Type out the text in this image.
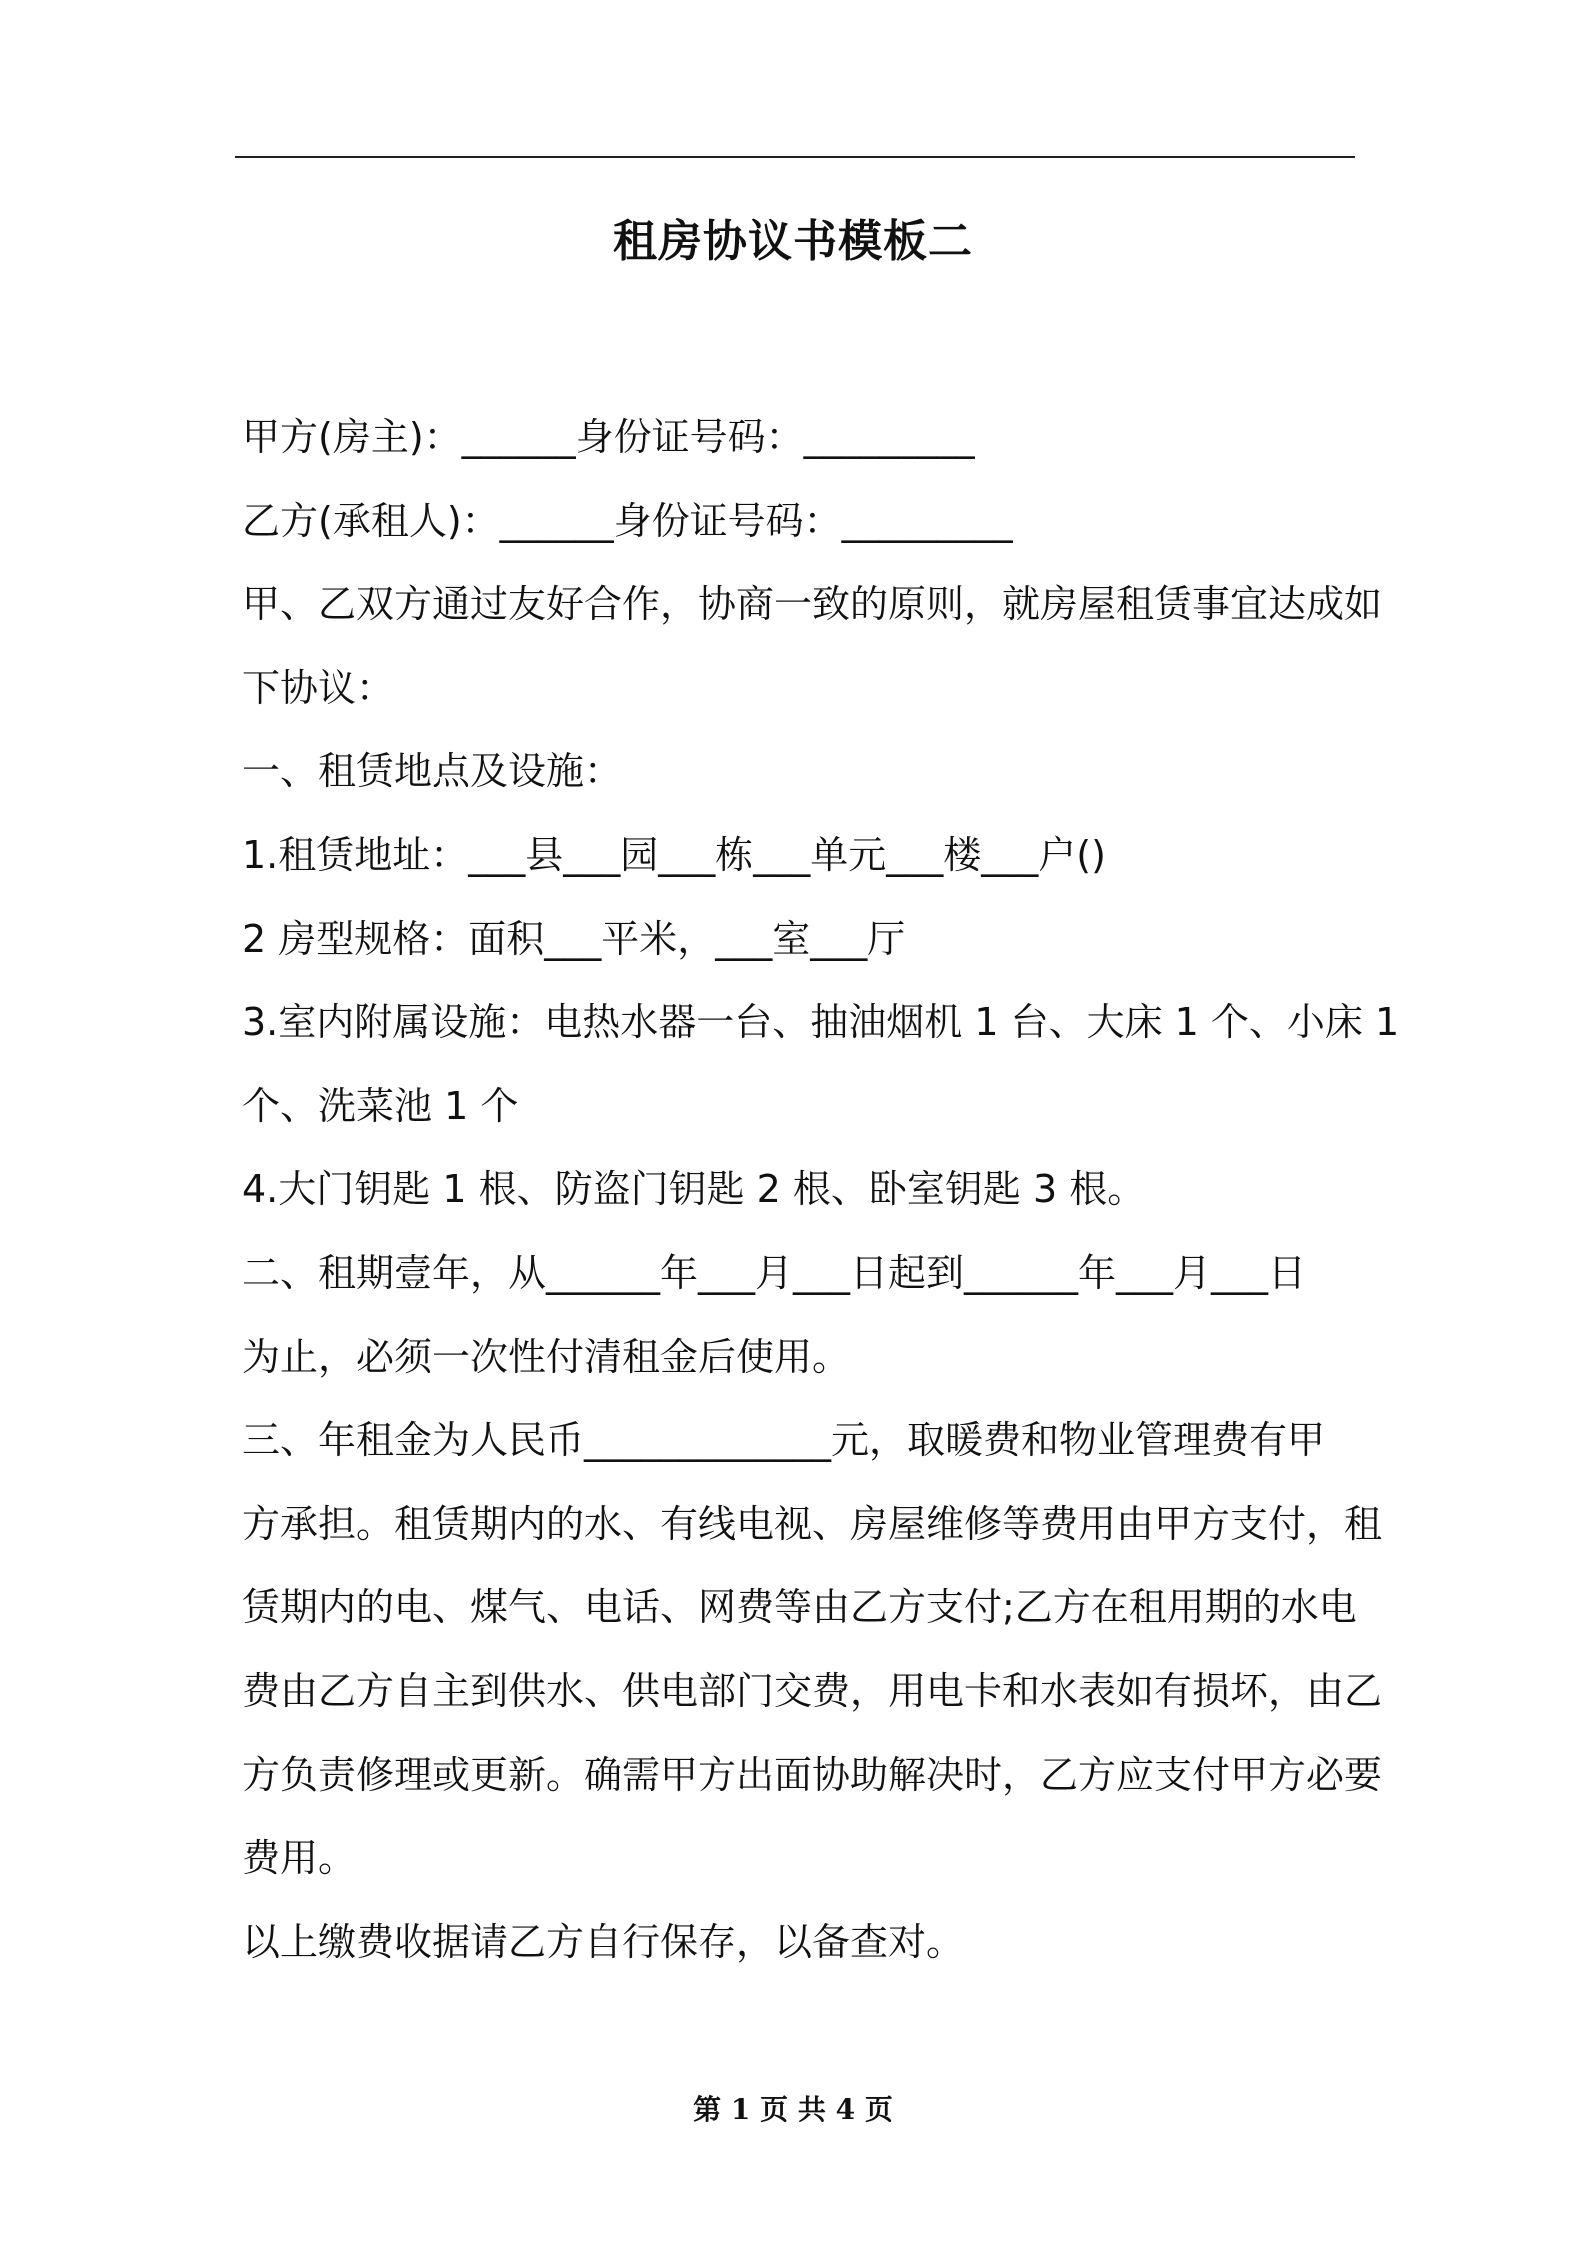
租房协议书模板二
甲方(房主)：______身份证号码：_________
乙方(承租人)：______身份证号码：_________
甲、乙双方通过友好合作，协商一致的原则，就房屋租赁事宜达成如
下协议：
一、租赁地点及设施：
1.租赁地址：___县___园___栋___单元___楼___户()
2 房型规格：面积___平米，___室___厅
3.室内附属设施：电热水器一台、抽油烟机 1 台、大床 1 个、小床 1
个、洗菜池 1 个
4.大门钥匙 1 根、防盗门钥匙 2 根、卧室钥匙 3 根。
二、租期壹年，从______年___月___日起到______年___月___日
为止，必须一次性付清租金后使用。
三、年租金为人民币_____________元，取暖费和物业管理费有甲
方承担。租赁期内的水、有线电视、房屋维修等费用由甲方支付，租
赁期内的电、煤气、电话、网费等由乙方支付;乙方在租用期的水电
费由乙方自主到供水、供电部门交费，用电卡和水表如有损坏，由乙
方负责修理或更新。确需甲方出面协助解决时，乙方应支付甲方必要
费用。
以上缴费收据请乙方自行保存，以备查对。
第 1 页 共 4 页
